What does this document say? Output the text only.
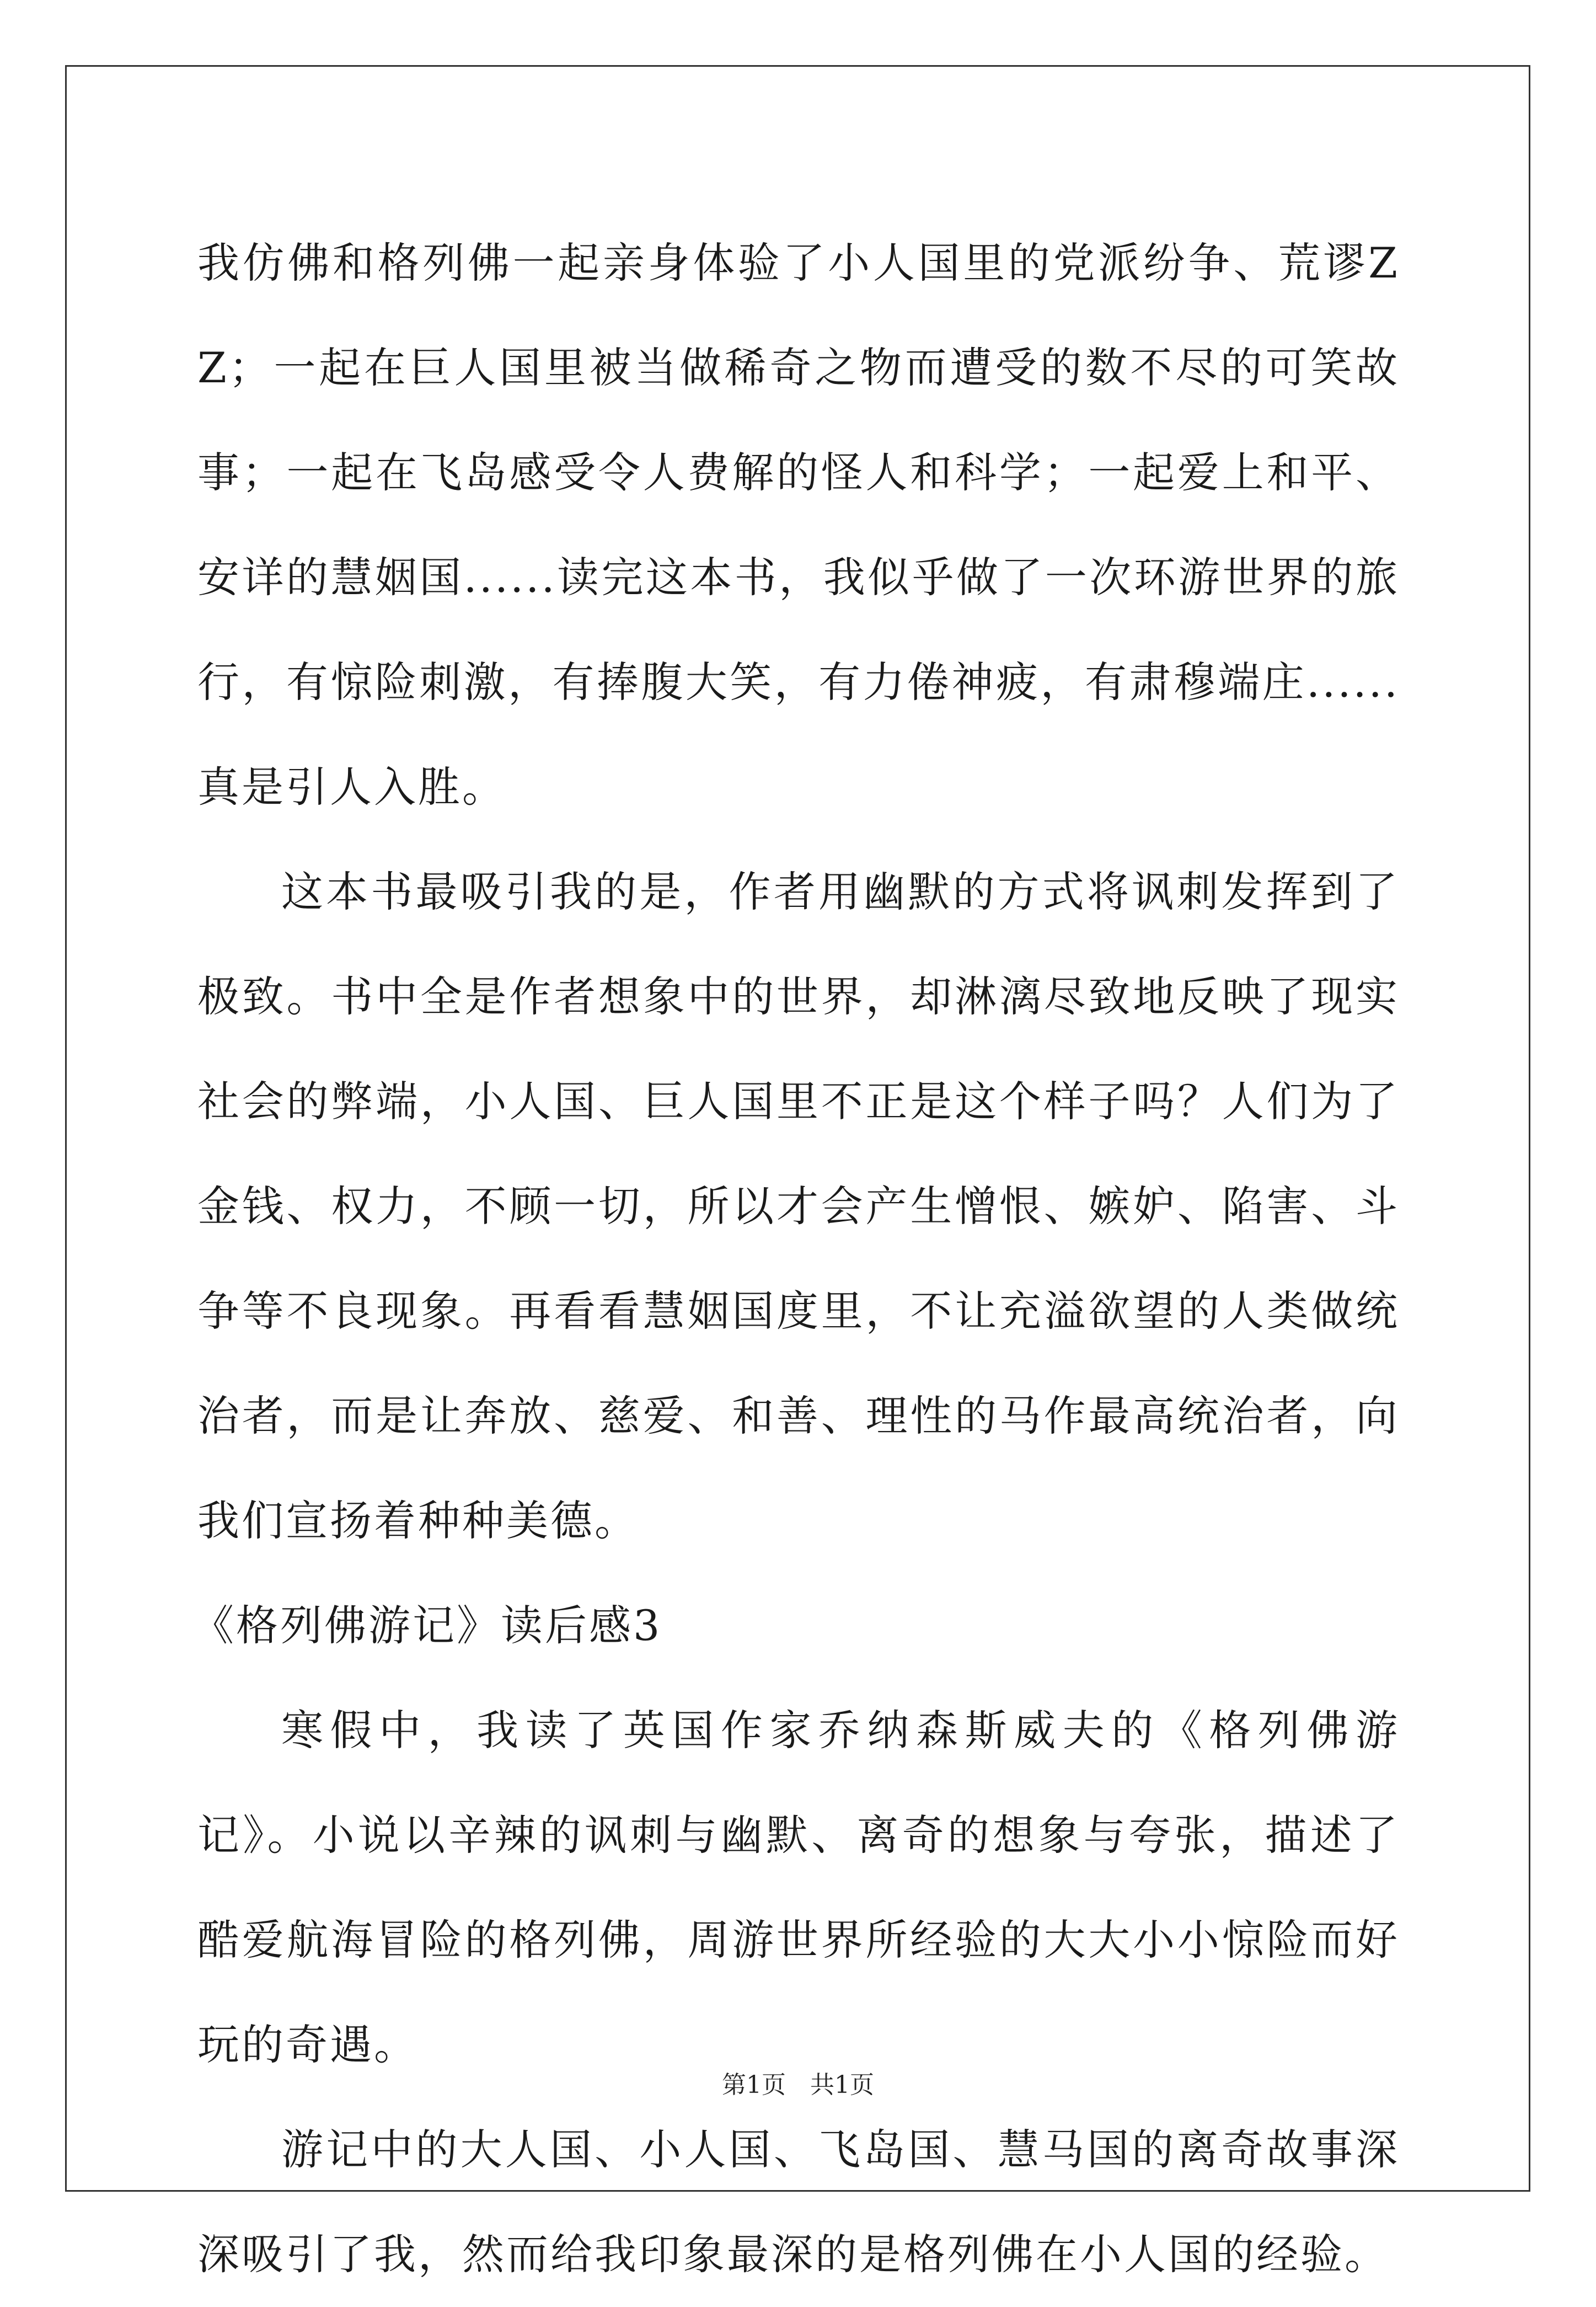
我仿佛和格列佛一起亲身体验了小人国里的党派纷争、荒谬ZZ；一起在巨人国里被当做稀奇之物而遭受的数不尽的可笑故事；一起在飞岛感受令人费解的怪人和科学；一起爱上和平、安详的慧姻国......读完这本书，我似乎做了一次环游世界的旅行，有惊险刺激，有捧腹大笑，有力倦神疲，有肃穆端庄......真是引人入胜。

这本书最吸引我的是，作者用幽默的方式将讽刺发挥到了极致。书中全是作者想象中的世界，却淋漓尽致地反映了现实社会的弊端，小人国、巨人国里不正是这个样子吗？人们为了金钱、权力，不顾一切，所以才会产生憎恨、嫉妒、陷害、斗争等不良现象。再看看慧姻国度里，不让充溢欲望的人类做统治者，而是让奔放、慈爱、和善、理性的马作最高统治者，向我们宣扬着种种美德。

《格列佛游记》读后感3

寒假中，我读了英国作家乔纳森斯威夫的《格列佛游记》。小说以辛辣的讽刺与幽默、离奇的想象与夸张，描述了酷爱航海冒险的格列佛，周游世界所经验的大大小小惊险而好玩的奇遇。

游记中的大人国、小人国、飞岛国、慧马国的离奇故事深深吸引了我，然而给我印象最深的是格列佛在小人国的经验。

第1页 共1页
